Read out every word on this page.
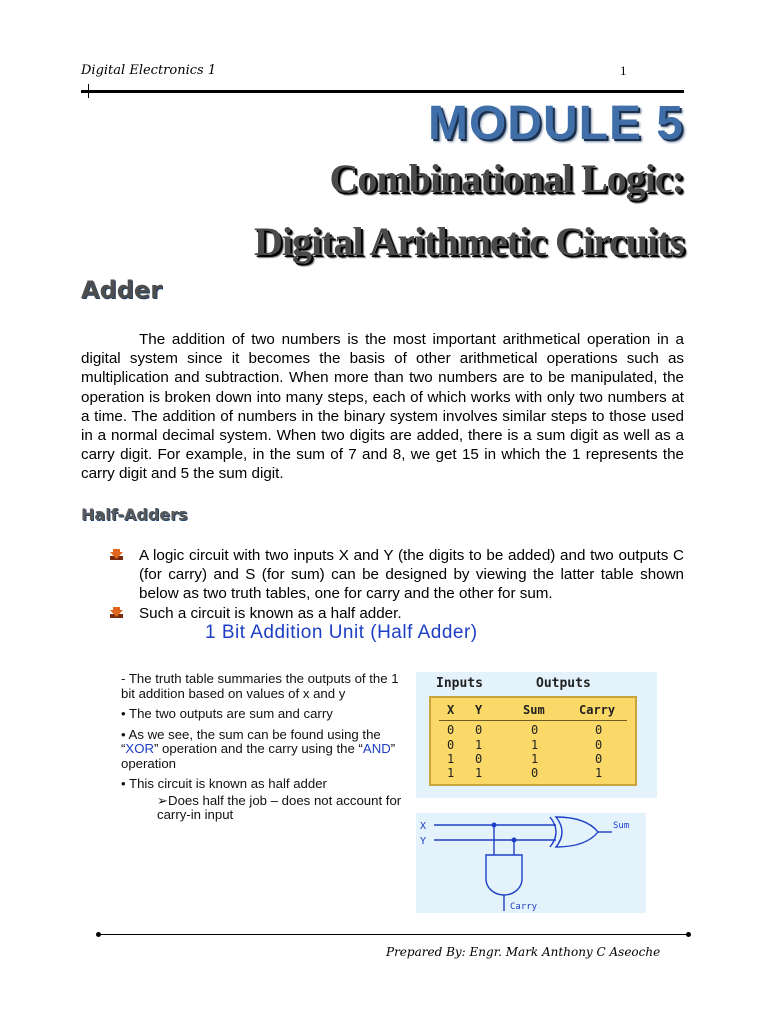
Digital Electronics 1	1
MODULE 5
Combinational Logic:
Digital Arithmetic Circuits
Adder
The addition of two numbers is the most important arithmetical operation in a digital system since it becomes the basis of other arithmetical operations such as multiplication and subtraction. When more than two numbers are to be manipulated, the operation is broken down into many steps, each of which works with only two numbers at a time. The addition of numbers in the binary system involves similar steps to those used in a normal decimal system. When two digits are added, there is a sum digit as well as a carry digit. For example, in the sum of 7 and 8, we get 15 in which the 1 represents the carry digit and 5 the sum digit.
Half-Adders
A logic circuit with two inputs X and Y (the digits to be added) and two outputs C (for carry) and S (for sum) can be designed by viewing the latter table shown below as two truth tables, one for carry and the other for sum.
Such a circuit is known as a half adder.
1 Bit Addition Unit (Half Adder)
- The truth table summaries the outputs of the 1 bit addition based on values of x and y
• The two outputs are sum and carry
• As we see, the sum can be found using the “XOR” operation and the carry using the “AND” operation
• This circuit is known as half adder
➢Does half the job – does not account for carry-in input
Inputs	Outputs
X Y	Sum	Carry
0 0	0	0
0 1	1	0
1 0	1	0
1 1	0	1
X
Y
Sum
Carry
Prepared By: Engr. Mark Anthony C Aseoche
